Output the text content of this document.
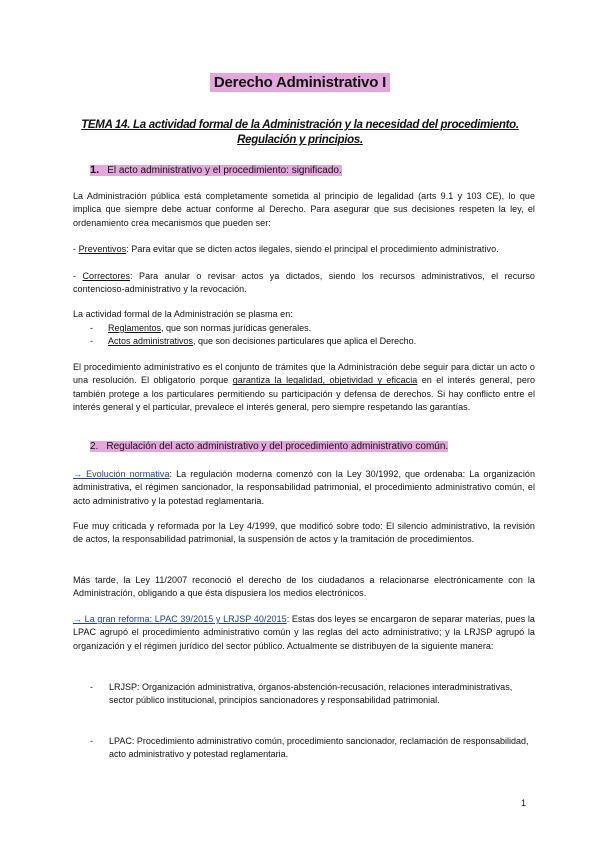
Derecho Administrativo I
TEMA 14. La actividad formal de la Administración y la necesidad del procedimiento. Regulación y principios.
1. El acto administrativo y el procedimiento: significado.
La Administración pública está completamente sometida al principio de legalidad (arts 9.1 y 103 CE), lo que implica que siempre debe actuar conforme al Derecho. Para asegurar que sus decisiones respeten la ley, el ordenamiento crea mecanismos que pueden ser:
- Preventivos: Para evitar que se dicten actos ilegales, siendo el principal el procedimiento administrativo.
- Correctores: Para anular o revisar actos ya dictados, siendo los recursos administrativos, el recurso contencioso-administrativo y la revocación.
La actividad formal de la Administración se plasma en:
- Reglamentos, que son normas jurídicas generales.
- Actos administrativos, que son decisiones particulares que aplica el Derecho.
El procedimiento administrativo es el conjunto de trámites que la Administración debe seguir para dictar un acto o una resolución. El obligatorio porque garantiza la legalidad, objetividad y eficacia en el interés general, pero también protege a los particulares permitiendo su participación y defensa de derechos. Si hay conflicto entre el interés general y el particular, prevalece el interés general, pero siempre respetando las garantías.
2. Regulación del acto administrativo y del procedimiento administrativo común.
→ Evolución normativa: La regulación moderna comenzó con la Ley 30/1992, que ordenaba: La organización administrativa, el régimen sancionador, la responsabilidad patrimonial, el procedimiento administrativo común, el acto administrativo y la potestad reglamentaria.
Fue muy criticada y reformada por la Ley 4/1999, que modificó sobre todo: El silencio administrativo, la revisión de actos, la responsabilidad patrimonial, la suspensión de actos y la tramitación de procedimientos.
Más tarde, la Ley 11/2007 reconoció el derecho de los ciudadanos a relacionarse electrónicamente con la Administración, obligando a que ésta dispusiera los medios electrónicos.
→ La gran reforma: LPAC 39/2015 y LRJSP 40/2015: Estas dos leyes se encargaron de separar materias, pues la LPAC agrupó el procedimiento administrativo común y las reglas del acto administrativo; y la LRJSP agrupó la organización y el régimen jurídico del sector público. Actualmente se distribuyen de la siguiente manera:
- LRJSP: Organización administrativa, órganos-abstención-recusación, relaciones interadministrativas, sector público institucional, principios sancionadores y responsabilidad patrimonial.
- LPAC: Procedimiento administrativo común, procedimiento sancionador, reclamación de responsabilidad, acto administrativo y potestad reglamentaria.
1
